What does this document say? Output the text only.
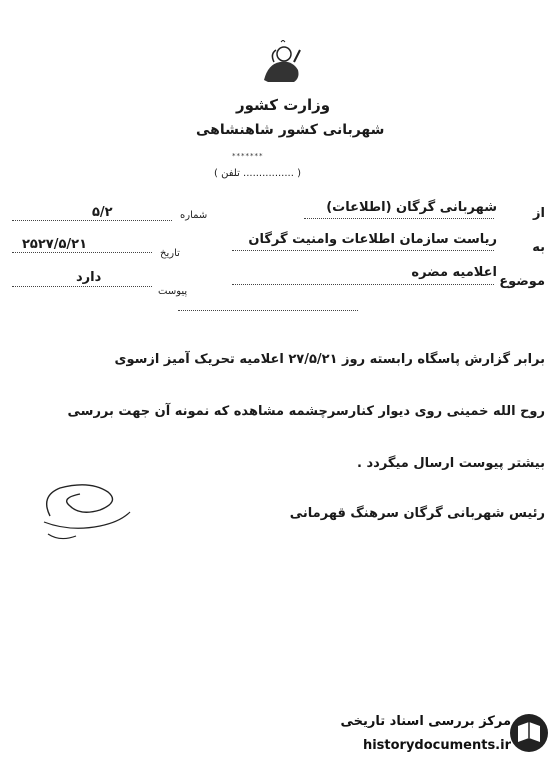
وزارت کشور
شهربانی کشور شاهنشاهی
*******
( تلفن ................ )
شماره
۵/۲
تاریخ
۲۵۲۷/۵/۲۱
پیوست
دارد
از
شهربانی گرگان (اطلاعات)
به
ریاست سازمان اطلاعات وامنیت گرگان
موضوع
اعلامیه مضره
برابر گزارش پاسگاه رابسته روز ۲۷/۵/۲۱ اعلامیه تحریک آمیز ازسوی
روح الله خمینی روی دیوار کنارسرچشمه مشاهده که نمونه آن جهت بررسی
بیشتر پیوست ارسال میگردد .
رئیس شهربانی گرگان سرهنگ قهرمانی
مرکز بررسی اسناد تاریخی
historydocuments.ir
